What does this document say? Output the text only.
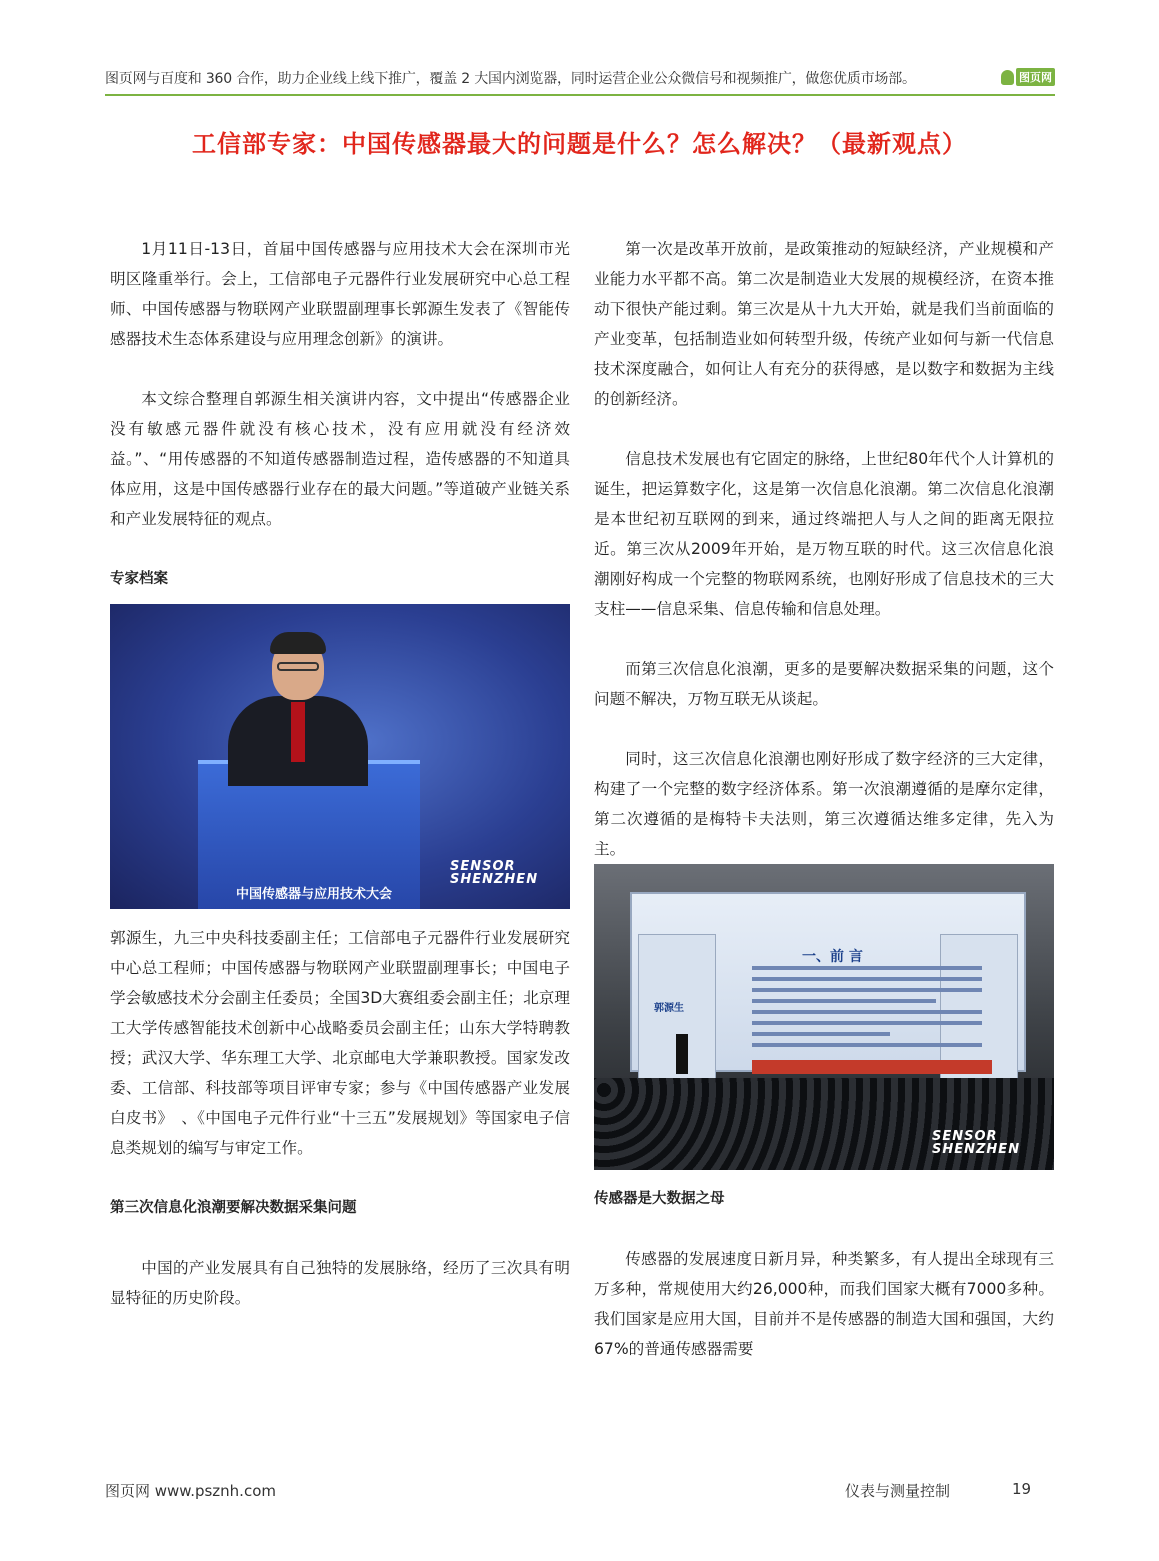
图页网与百度和 360 合作，助力企业线上线下推广，覆盖 2 大国内浏览器，同时运营企业公众微信号和视频推广，做您优质市场部。	图页网
工信部专家：中国传感器最大的问题是什么？怎么解决？（最新观点）

1月11日-13日，首届中国传感器与应用技术大会在深圳市光明区隆重举行。会上，工信部电子元器件行业发展研究中心总工程师、中国传感器与物联网产业联盟副理事长郭源生发表了《智能传感器技术生态体系建设与应用理念创新》的演讲。

本文综合整理自郭源生相关演讲内容，文中提出“传感器企业没有敏感元器件就没有核心技术，没有应用就没有经济效益。”、“用传感器的不知道传感器制造过程，造传感器的不知道具体应用，这是中国传感器行业存在的最大问题。”等道破产业链关系和产业发展特征的观点。

专家档案

中国传感器与应用技术大会
SENSOR
SHENZHEN

郭源生，九三中央科技委副主任；工信部电子元器件行业发展研究中心总工程师；中国传感器与物联网产业联盟副理事长；中国电子学会敏感技术分会副主任委员；全国3D大赛组委会副主任；北京理工大学传感智能技术创新中心战略委员会副主任；山东大学特聘教授；武汉大学、华东理工大学、北京邮电大学兼职教授。国家发改委、工信部、科技部等项目评审专家；参与《中国传感器产业发展白皮书》　、《中国电子元件行业“十三五”发展规划》等国家电子信息类规划的编写与审定工作。

第三次信息化浪潮要解决数据采集问题

中国的产业发展具有自己独特的发展脉络，经历了三次具有明显特征的历史阶段。

第一次是改革开放前，是政策推动的短缺经济，产业规模和产业能力水平都不高。第二次是制造业大发展的规模经济，在资本推动下很快产能过剩。第三次是从十九大开始，就是我们当前面临的产业变革，包括制造业如何转型升级，传统产业如何与新一代信息技术深度融合，如何让人有充分的获得感，是以数字和数据为主线的创新经济。

信息技术发展也有它固定的脉络，上世纪80年代个人计算机的诞生，把运算数字化，这是第一次信息化浪潮。第二次信息化浪潮是本世纪初互联网的到来，通过终端把人与人之间的距离无限拉近。第三次从2009年开始，是万物互联的时代。这三次信息化浪潮刚好构成一个完整的物联网系统，也刚好形成了信息技术的三大支柱——信息采集、信息传输和信息处理。

而第三次信息化浪潮，更多的是要解决数据采集的问题，这个问题不解决，万物互联无从谈起。

同时，这三次信息化浪潮也刚好形成了数字经济的三大定律，构建了一个完整的数字经济体系。第一次浪潮遵循的是摩尔定律，第二次遵循的是梅特卡夫法则，第三次遵循达维多定律，先入为主。

一、前 言
郭源生
SENSOR
SHENZHEN

传感器是大数据之母

传感器的发展速度日新月异，种类繁多，有人提出全球现有三万多种，常规使用大约26,000种，而我们国家大概有7000多种。我们国家是应用大国，目前并不是传感器的制造大国和强国，大约67%的普通传感器需要

图页网 www.psznh.com	仪表与测量控制	19
